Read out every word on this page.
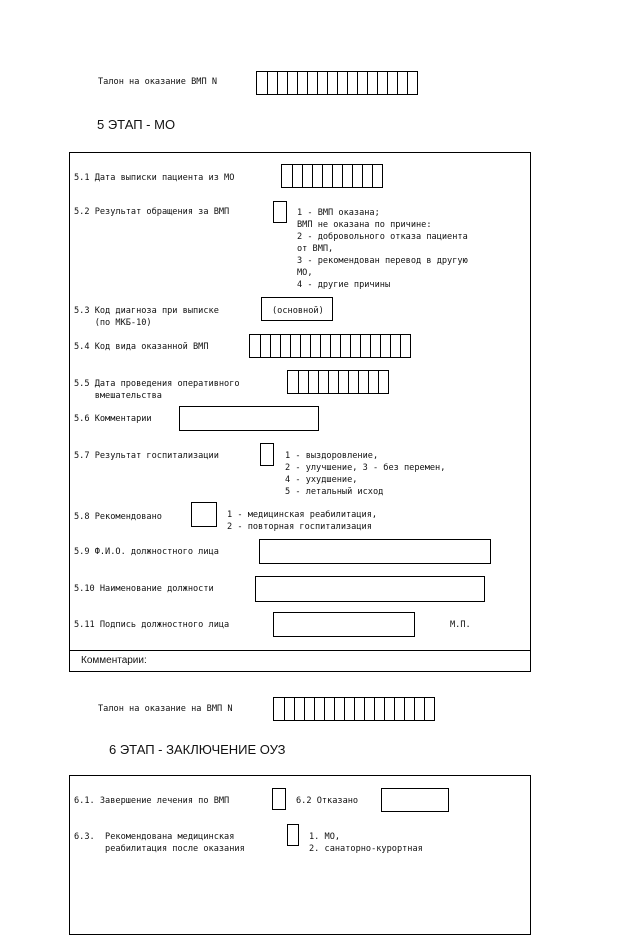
Талон на оказание ВМП N
5 ЭТАП - МО
5.1 Дата выписки пациента из МО
5.2 Результат обращения за ВМП	1 - ВМП оказана;
ВМП не оказана по причине:
2 - добровольного отказа пациента
от ВМП,
3 - рекомендован перевод в другую
МО,
4 - другие причины
5.3 Код диагноза при выписке
(по МКБ-10)
(основной)
5.4 Код вида оказанной ВМП
5.5 Дата проведения оперативного
вмешательства
5.6 Комментарии
5.7 Результат госпитализации	1 - выздоровление,
2 - улучшение, 3 - без перемен,
4 - ухудшение,
5 - летальный исход
5.8 Рекомендовано	1 - медицинская реабилитация,
2 - повторная госпитализация
5.9 Ф.И.О. должностного лица
5.10 Наименование должности
5.11 Подпись должностного лица	М.П.
Комментарии:
Талон на оказание на ВМП N
6 ЭТАП - ЗАКЛЮЧЕНИЕ ОУЗ
6.1. Завершение лечения по ВМП	6.2 Отказано
6.3.  Рекомендована медицинская
реабилитация после оказания
1. МО,
2. санаторно-курортная
